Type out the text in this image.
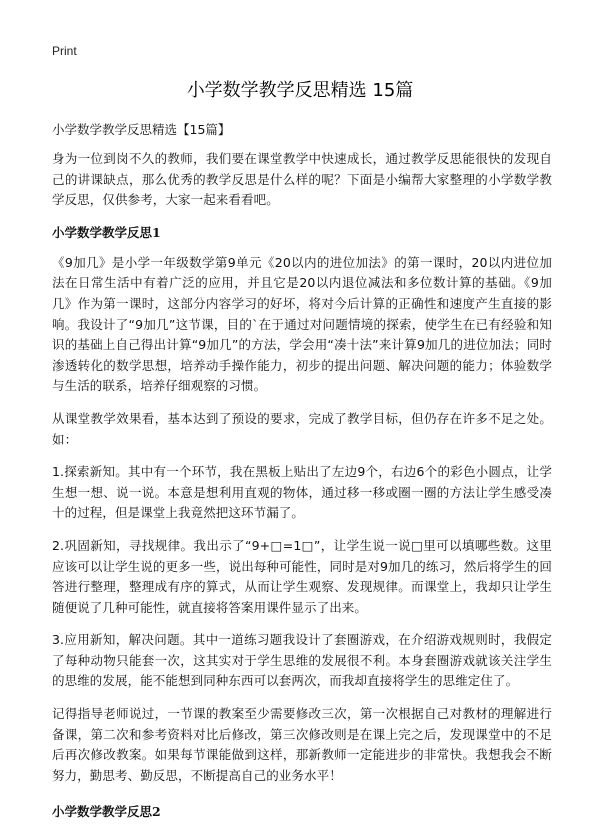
Print
小学数学教学反思精选 15篇

小学数学教学反思精选【15篇】

身为一位到岗不久的教师，我们要在课堂教学中快速成长，通过教学反思能很快的发现自己的讲课缺点，那么优秀的教学反思是什么样的呢？下面是小编帮大家整理的小学数学教学反思，仅供参考，大家一起来看看吧。

小学数学教学反思1

《9加几》是小学一年级数学第9单元《20以内的进位加法》的第一课时，20以内进位加法在日常生活中有着广泛的应用，并且它是20以内退位减法和多位数计算的基础。《9加几》作为第一课时，这部分内容学习的好坏，将对今后计算的正确性和速度产生直接的影响。我设计了“9加几”这节课，目的`在于通过对问题情境的探索，使学生在已有经验和知识的基础上自己得出计算“9加几”的方法，学会用“凑十法”来计算9加几的进位加法；同时渗透转化的数学思想，培养动手操作能力，初步的提出问题、解决问题的能力；体验数学与生活的联系，培养仔细观察的习惯。

从课堂教学效果看，基本达到了预设的要求，完成了教学目标，但仍存在许多不足之处。如：

1.探索新知。其中有一个环节，我在黑板上贴出了左边9个，右边6个的彩色小圆点，让学生想一想、说一说。本意是想利用直观的物体，通过移一移或圈一圈的方法让学生感受凑十的过程，但是课堂上我竟然把这环节漏了。

2.巩固新知，寻找规律。我出示了“9+□=1□”，让学生说一说□里可以填哪些数。这里应该可以让学生说的更多一些，说出每种可能性，同时是对9加几的练习，然后将学生的回答进行整理，整理成有序的算式，从而让学生观察、发现规律。而课堂上，我却只让学生随便说了几种可能性，就直接将答案用课件显示了出来。

3.应用新知，解决问题。其中一道练习题我设计了套圈游戏，在介绍游戏规则时，我假定了每种动物只能套一次，这其实对于学生思维的发展很不利。本身套圈游戏就该关注学生的思维的发展，能不能想到同种东西可以套两次，而我却直接将学生的思维定住了。

记得指导老师说过，一节课的教案至少需要修改三次，第一次根据自己对教材的理解进行备课，第二次和参考资料对比后修改，第三次修改则是在课上完之后，发现课堂中的不足后再次修改教案。如果每节课能做到这样，那新教师一定能进步的非常快。我想我会不断努力，勤思考、勤反思，不断提高自己的业务水平！

小学数学教学反思2
